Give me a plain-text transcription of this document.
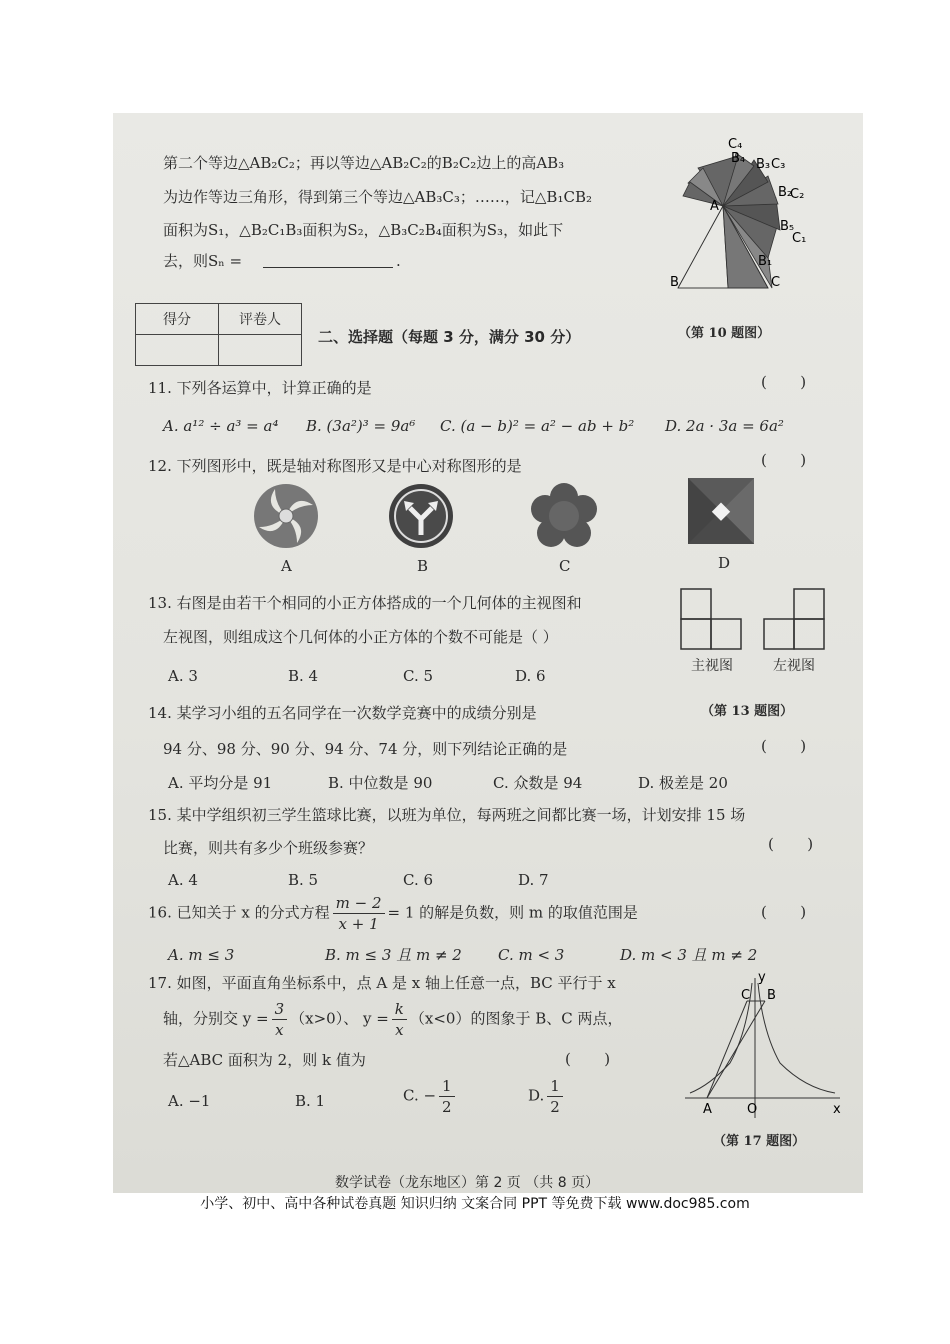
第二个等边△AB₂C₂；再以等边△AB₂C₂的B₂C₂边上的高AB₃
为边作等边三角形，得到第三个等边△AB₃C₃；……，记△B₁CB₂
面积为S₁，△B₂C₁B₃面积为S₂，△B₃C₂B₄面积为S₃，如此下
去，则Sₙ =	.
C₄
B₄ B₃ C₃
B₂
C₂
A
B₅
C₁
B₁
C
B
（第 10 题图）
得分	评卷人

二、选择题（每题 3 分，满分 30 分）
11. 下列各运算中，计算正确的是	(       )
A. a¹² ÷ a³ = a⁴ B. (3a²)³ = 9a⁶ C. (a − b)² = a² − ab + b² D. 2a · 3a = 6a²
12. 下列图形中，既是轴对称图形又是中心对称图形的是	(       )
A	B	C	D
13. 右图是由若干个相同的小正方体搭成的一个几何体的主视图和
左视图，则组成这个几何体的小正方体的个数不可能是（ ）
A. 3	B. 4	C. 5	D. 6
主视图	左视图
（第 13 题图）
14. 某学习小组的五名同学在一次数学竞赛中的成绩分别是
94 分、98 分、90 分、94 分、74 分，则下列结论正确的是	(       )
A. 平均分是 91	B. 中位数是 90	C. 众数是 94	D. 极差是 20
15. 某中学组织初三学生篮球比赛，以班为单位，每两班之间都比赛一场，计划安排 15 场
比赛，则共有多少个班级参赛？	(       )
A. 4	B. 5	C. 6	D. 7
16. 已知关于 x 的分式方程 $\frac{m - 2}{x + 1} = 1$ 的解是负数，则 m 的取值范围是	(       )
A. m ≤ 3	B. m ≤ 3 且 m ≠ 2 C. m < 3	D. m < 3 且 m ≠ 2
17. 如图，平面直角坐标系中，点 A 是 x 轴上任意一点，BC 平行于 x
轴，分别交 $y = \frac{3}{x} (x>0)$、 $y = \frac{k}{x} (x<0)$的图象于 B、C 两点，
若△ABC 面积为 2，则 k 值为	(       )
A. −1	B. 1	C. − $\frac{1}{2}$	D. $\frac{1}{2}$
y
C B
A	O	x
（第 17 题图）
数学试卷（龙东地区）第 2 页 （共 8 页）
小学、初中、高中各种试卷真题 知识归纳 文案合同 PPT 等免费下载 www.doc985.com
